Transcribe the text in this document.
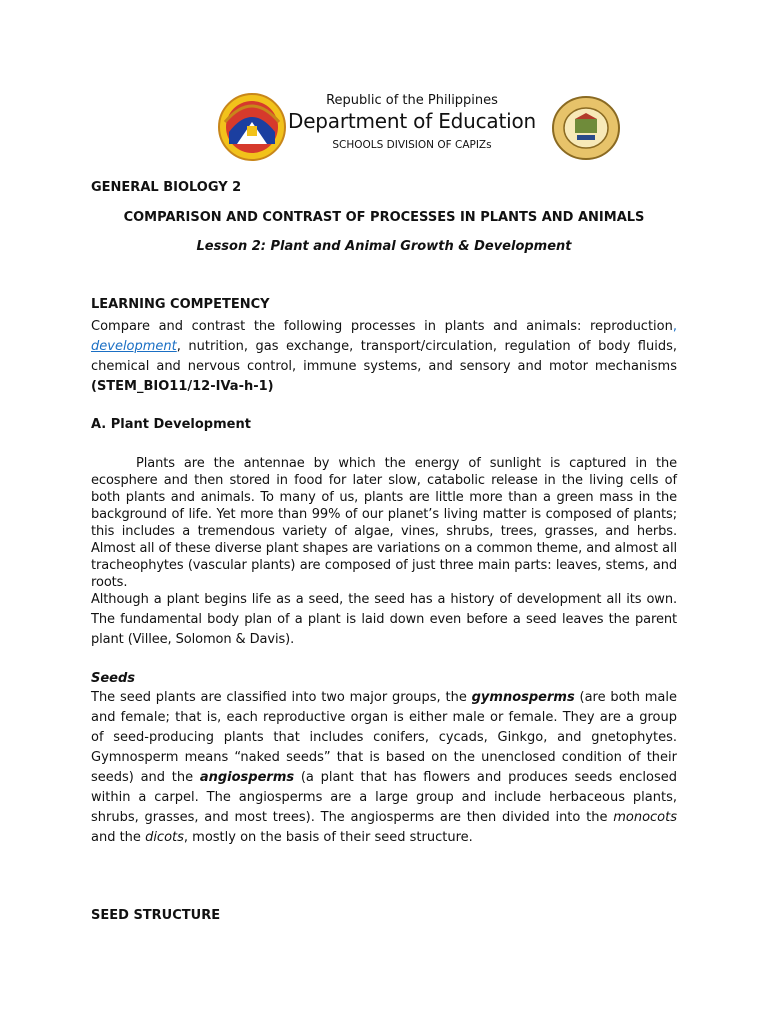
Republic of the Philippines
Department of Education
SCHOOLS DIVISION OF CAPIZs
GENERAL BIOLOGY 2
COMPARISON AND CONTRAST OF PROCESSES IN PLANTS AND ANIMALS
Lesson 2: Plant and Animal Growth & Development
LEARNING COMPETENCY
Compare and contrast the following processes in plants and animals: reproduction, development, nutrition, gas exchange, transport/circulation, regulation of body fluids, chemical and nervous control, immune systems, and sensory and motor mechanisms (STEM_BIO11/12-IVa-h-1)
A. Plant Development
Plants are the antennae by which the energy of sunlight is captured in the ecosphere and then stored in food for later slow, catabolic release in the living cells of both plants and animals. To many of us, plants are little more than a green mass in the background of life. Yet more than 99% of our planet’s living matter is composed of plants; this includes a tremendous variety of algae, vines, shrubs, trees, grasses, and herbs. Almost all of these diverse plant shapes are variations on a common theme, and almost all tracheophytes (vascular plants) are composed of just three main parts: leaves, stems, and roots.
Although a plant begins life as a seed, the seed has a history of development all its own. The fundamental body plan of a plant is laid down even before a seed leaves the parent plant (Villee, Solomon & Davis).
Seeds
The seed plants are classified into two major groups, the gymnosperms (are both male and female; that is, each reproductive organ is either male or female. They are a group of seed-producing plants that includes conifers, cycads, Ginkgo, and gnetophytes. Gymnosperm means “naked seeds” that is based on the unenclosed condition of their seeds) and the angiosperms (a plant that has flowers and produces seeds enclosed within a carpel. The angiosperms are a large group and include herbaceous plants, shrubs, grasses, and most trees). The angiosperms are then divided into the monocots and the dicots, mostly on the basis of their seed structure.
SEED STRUCTURE
